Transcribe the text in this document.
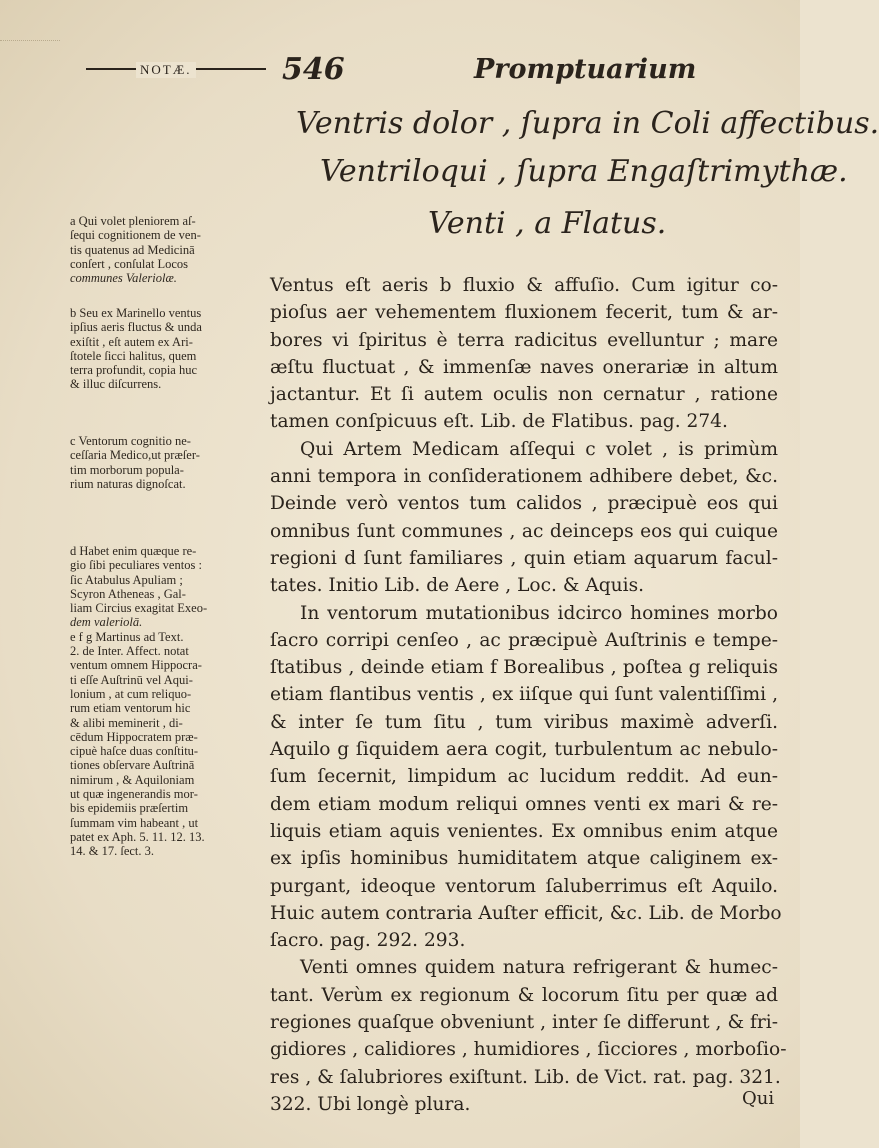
NOTÆ.	546	Promptuarium
Ventris dolor , ſupra in Coli affectibus.
Ventriloqui , ſupra Engaſtrimythæ.
Venti , a Flatus.
a Qui volet pleniorem aſ-
ſequi cognitionem de ven-
tis quatenus ad Medicinā
conſert , conſulat Locos
communes Valeriolæ.
b Seu ex Marinello ventus
ipſius aeris fluctus & unda
exiſtit , eſt autem ex Ari-
ſtotele ſicci halitus, quem
terra profundit, copia huc
& illuc diſcurrens.
c Ventorum cognitio ne-
ceſſaria Medico,ut præſer-
tim morborum popula-
rium naturas dignoſcat.
d Habet enim quæque re-
gio ſibi peculiares ventos :
ſic Atabulus Apuliam ;
Scyron Atheneas , Gal-
liam Circius exagitat Exeo-
dem valeriolā.
e f g Martinus ad Text.
2. de Inter. Affect. notat
ventum omnem Hippocra-
ti eſſe Auſtrinū vel Aqui-
lonium , at cum reliquo-
rum etiam ventorum hic
& alibi meminerit , di-
cēdum Hippocratem præ-
cipuè haſce duas conſtitu-
tiones obſervare Auſtrinā
nimirum , & Aquiloniam
ut quæ ingenerandis mor-
bis epidemiis præſertim
ſummam vim habeant , ut
patet ex Aph. 5. 11. 12. 13.
14. & 17. ſect. 3.
Ventus eſt aeris b fluxio & affuſio. Cum igitur co-
pioſus aer vehementem fluxionem fecerit, tum & ar-
bores vi ſpiritus è terra radicitus evelluntur ; mare
æſtu fluctuat , & immenſæ naves onerariæ in altum
jactantur. Et ſi autem oculis non cernatur , ratione
tamen conſpicuus eſt. Lib. de Flatibus. pag. 274.
Qui Artem Medicam aſſequi c volet , is primùm
anni tempora in conſiderationem adhibere debet, &c.
Deinde verò ventos tum calidos , præcipuè eos qui
omnibus ſunt communes , ac deinceps eos qui cuique
regioni d ſunt familiares , quin etiam aquarum facul-
tates. Initio Lib. de Aere , Loc. & Aquis.
In ventorum mutationibus idcirco homines morbo
ſacro corripi cenſeo , ac præcipuè Auſtrinis e tempe-
ſtatibus , deinde etiam f Borealibus , poſtea g reliquis
etiam flantibus ventis , ex iiſque qui ſunt valentiſſimi ,
& inter ſe tum ſitu , tum viribus maximè adverſi.
Aquilo g ſiquidem aera cogit, turbulentum ac nebulo-
ſum ſecernit, limpidum ac lucidum reddit. Ad eun-
dem etiam modum reliqui omnes venti ex mari & re-
liquis etiam aquis venientes. Ex omnibus enim atque
ex ipſis hominibus humiditatem atque caliginem ex-
purgant, ideoque ventorum ſaluberrimus eſt Aquilo.
Huic autem contraria Auſter efficit, &c. Lib. de Morbo
ſacro. pag. 292. 293.
Venti omnes quidem natura refrigerant & humec-
tant. Verùm ex regionum & locorum ſitu per quæ ad
regiones quaſque obveniunt , inter ſe differunt , & fri-
gidiores , calidiores , humidiores , ſicciores , morboſio-
res , & ſalubriores exiſtunt. Lib. de Vict. rat. pag. 321.
322. Ubi longè plura.	Qui
